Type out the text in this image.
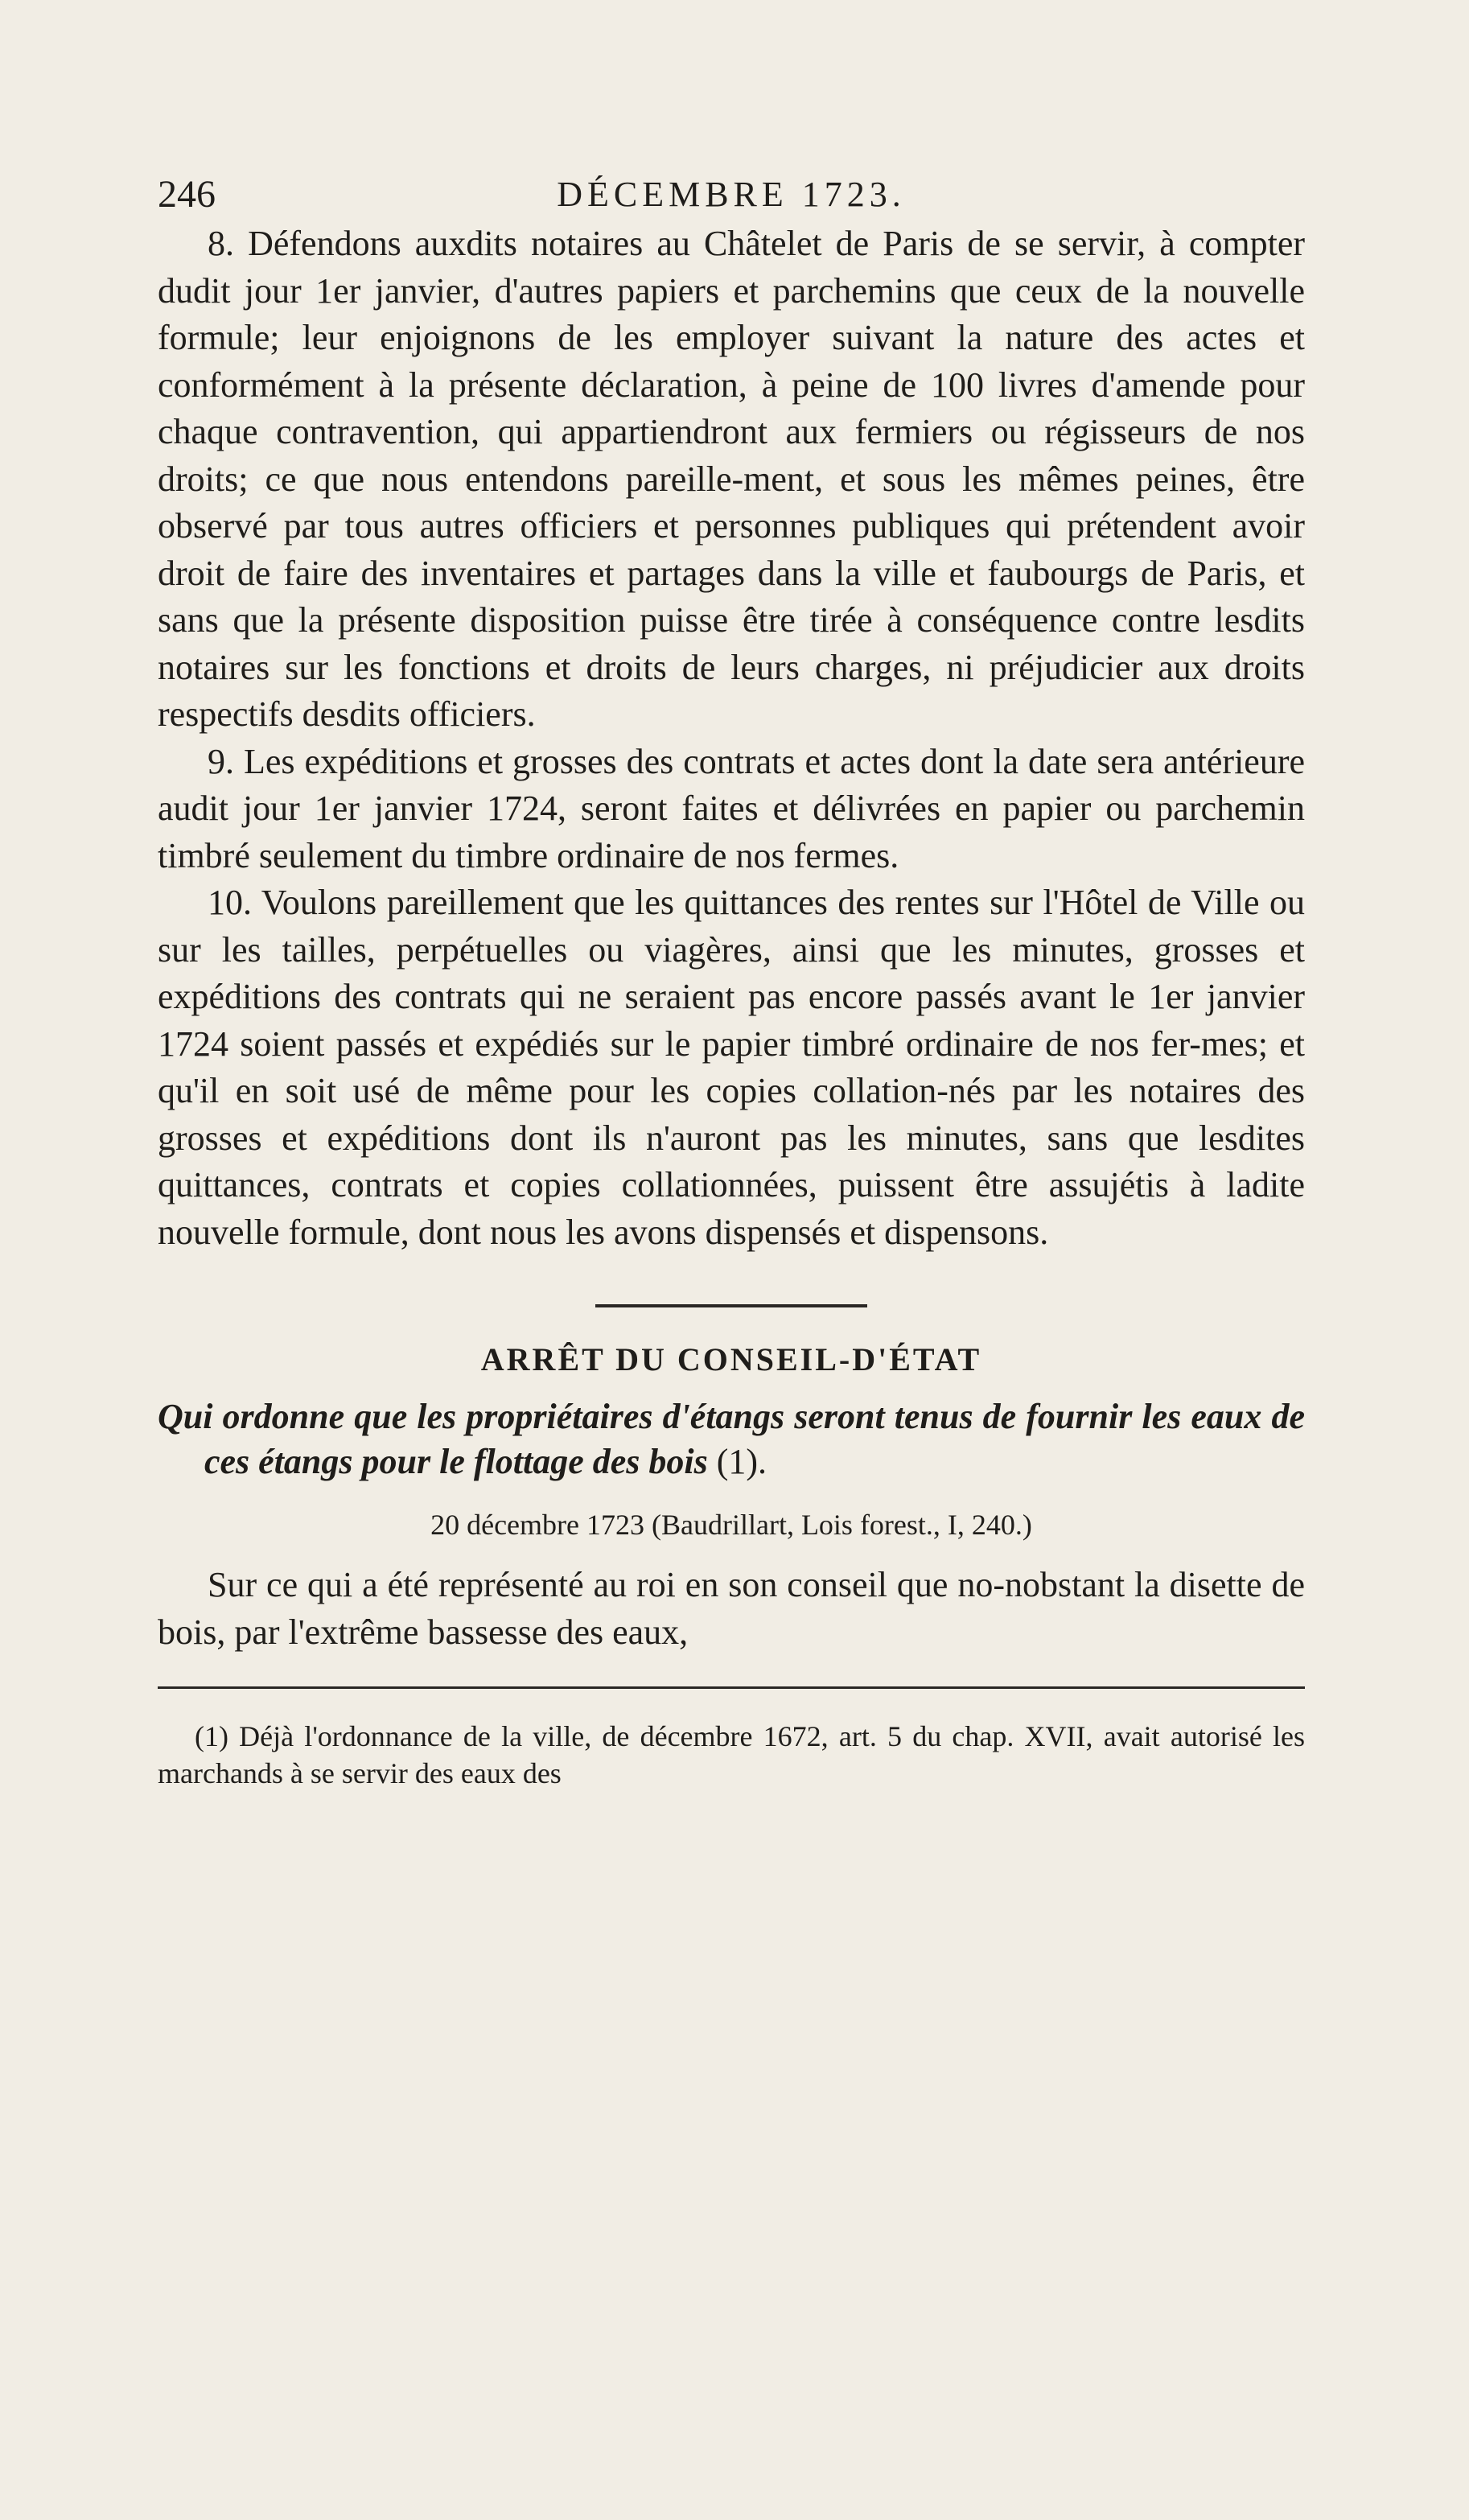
246	DÉCEMBRE 1723.

8. Défendons auxdits notaires au Châtelet de Paris de se servir, à compter dudit jour 1er janvier, d'autres papiers et parchemins que ceux de la nouvelle formule; leur enjoignons de les employer suivant la nature des actes et conformément à la présente déclaration, à peine de 100 livres d'amende pour chaque contravention, qui appartiendront aux fermiers ou régisseurs de nos droits; ce que nous entendons pareille-ment, et sous les mêmes peines, être observé par tous autres officiers et personnes publiques qui prétendent avoir droit de faire des inventaires et partages dans la ville et faubourgs de Paris, et sans que la présente disposition puisse être tirée à conséquence contre lesdits notaires sur les fonctions et droits de leurs charges, ni préjudicier aux droits respectifs desdits officiers.

9. Les expéditions et grosses des contrats et actes dont la date sera antérieure audit jour 1er janvier 1724, seront faites et délivrées en papier ou parchemin timbré seulement du timbre ordinaire de nos fermes.

10. Voulons pareillement que les quittances des rentes sur l'Hôtel de Ville ou sur les tailles, perpétuelles ou viagères, ainsi que les minutes, grosses et expéditions des contrats qui ne seraient pas encore passés avant le 1er janvier 1724 soient passés et expédiés sur le papier timbré ordinaire de nos fer-mes; et qu'il en soit usé de même pour les copies collation-nés par les notaires des grosses et expéditions dont ils n'auront pas les minutes, sans que lesdites quittances, contrats et copies collationnées, puissent être assujétis à ladite nouvelle formule, dont nous les avons dispensés et dispensons.

ARRÊT DU CONSEIL-D'ÉTAT
Qui ordonne que les propriétaires d'étangs seront tenus de fournir les eaux de ces étangs pour le flottage des bois (1).
20 décembre 1723 (Baudrillart, Lois forest., I, 240.)

Sur ce qui a été représenté au roi en son conseil que no-nobstant la disette de bois, par l'extrême bassesse des eaux,

(1) Déjà l'ordonnance de la ville, de décembre 1672, art. 5 du chap. XVII, avait autorisé les marchands à se servir des eaux des
